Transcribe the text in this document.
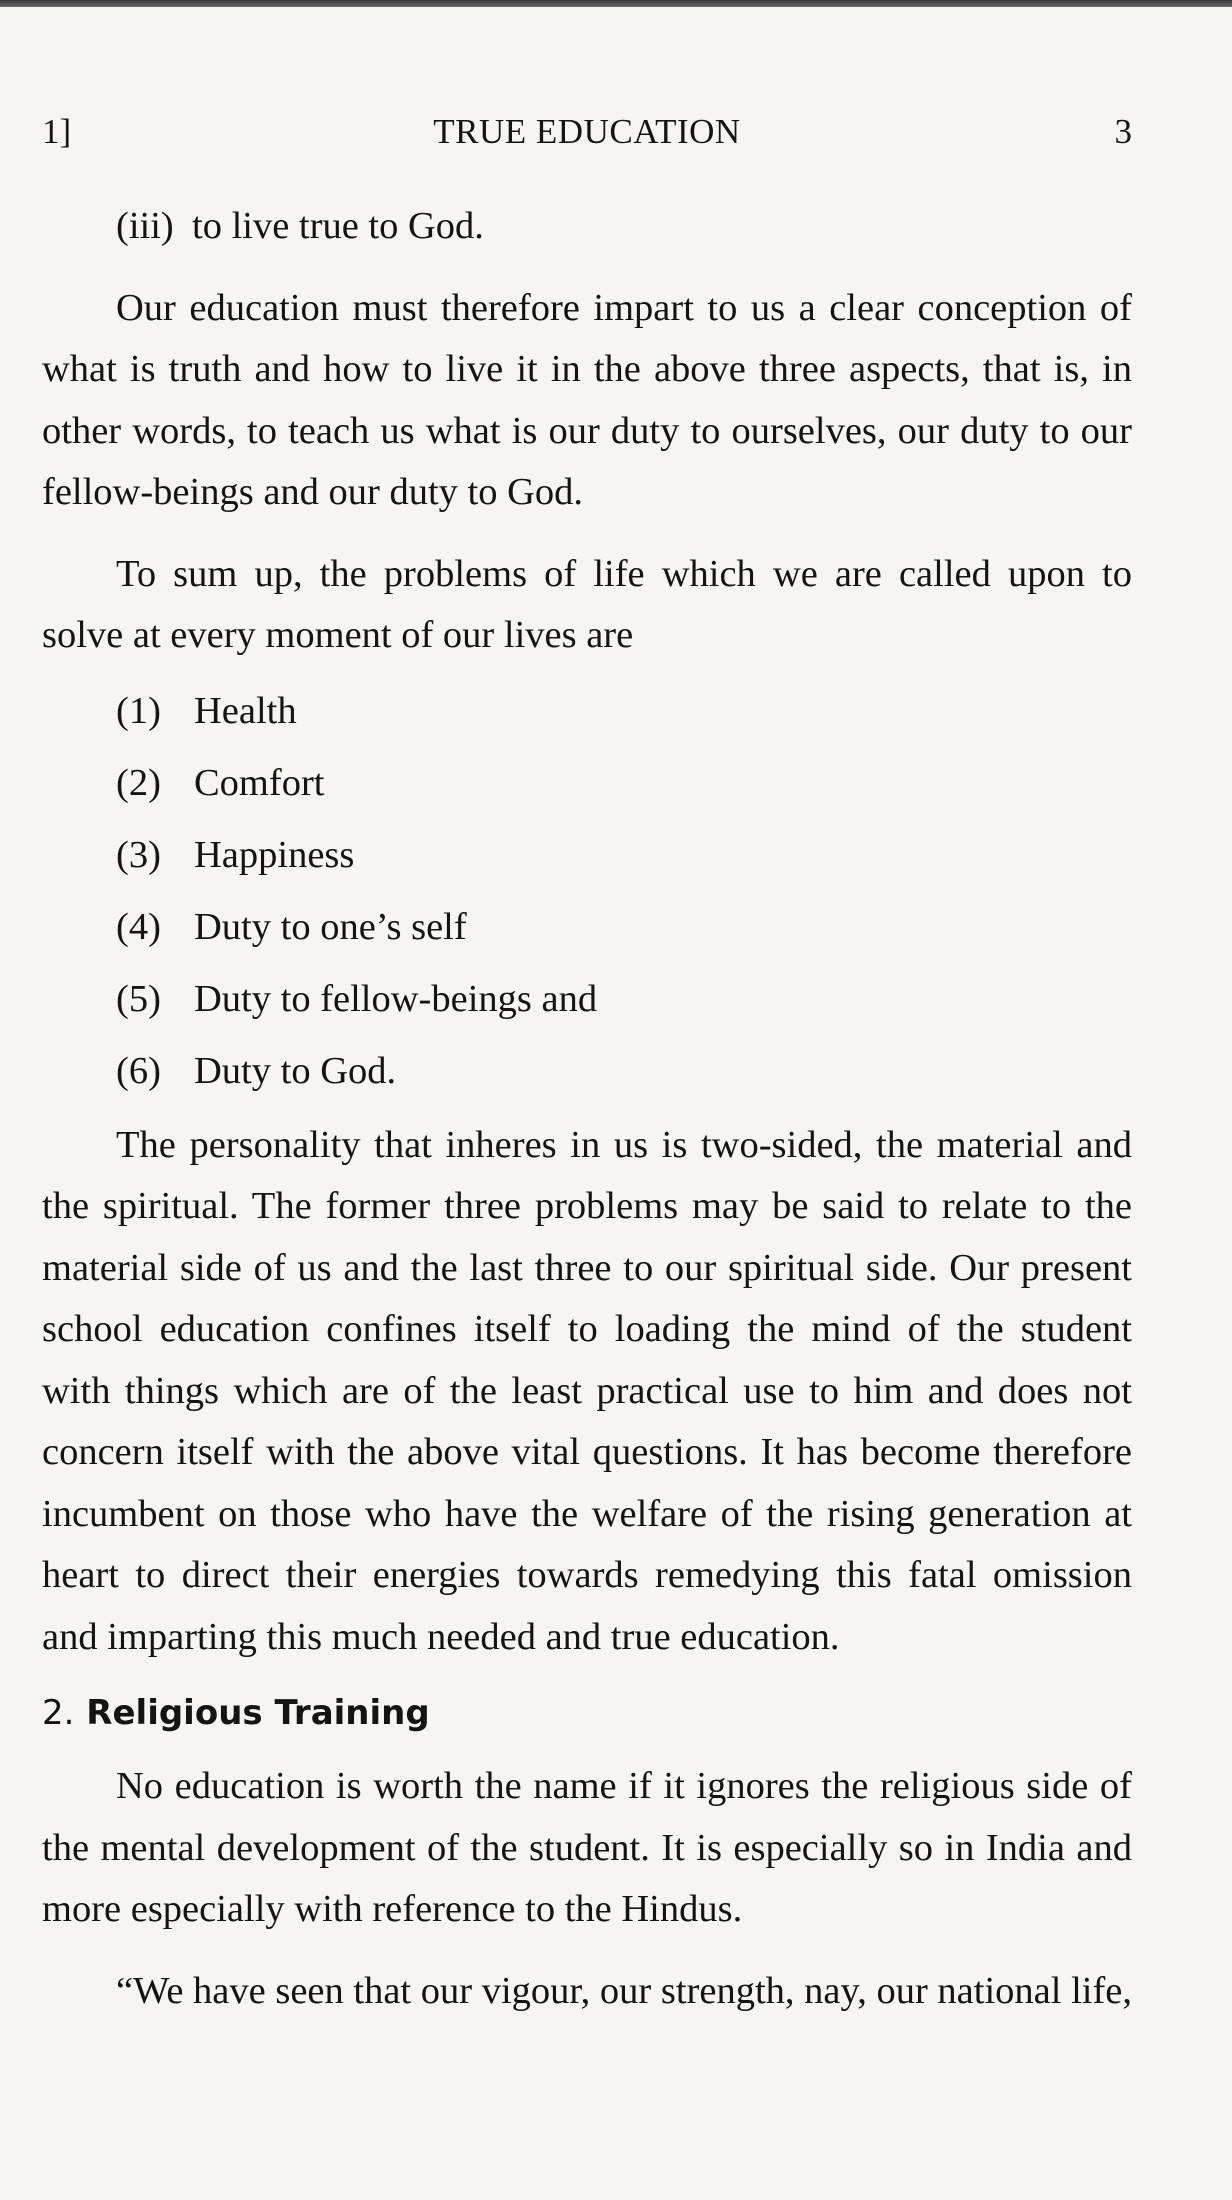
1]	TRUE EDUCATION	3
(iii) to live true to God.

Our education must therefore impart to us a clear conception of what is truth and how to live it in the above three aspects, that is, in other words, to teach us what is our duty to ourselves, our duty to our fellow-beings and our duty to God.

To sum up, the problems of life which we are called upon to solve at every moment of our lives are

(1) Health
(2) Comfort
(3) Happiness
(4) Duty to one’s self
(5) Duty to fellow-beings and
(6) Duty to God.

The personality that inheres in us is two-sided, the material and the spiritual. The former three problems may be said to relate to the material side of us and the last three to our spiritual side. Our present school education confines itself to loading the mind of the student with things which are of the least practical use to him and does not concern itself with the above vital questions. It has become therefore incumbent on those who have the welfare of the rising generation at heart to direct their energies towards remedying this fatal omission and imparting this much needed and true education.

2. Religious Training

No education is worth the name if it ignores the religious side of the mental development of the student. It is especially so in India and more especially with reference to the Hindus.

“We have seen that our vigour, our strength, nay, our national life,
